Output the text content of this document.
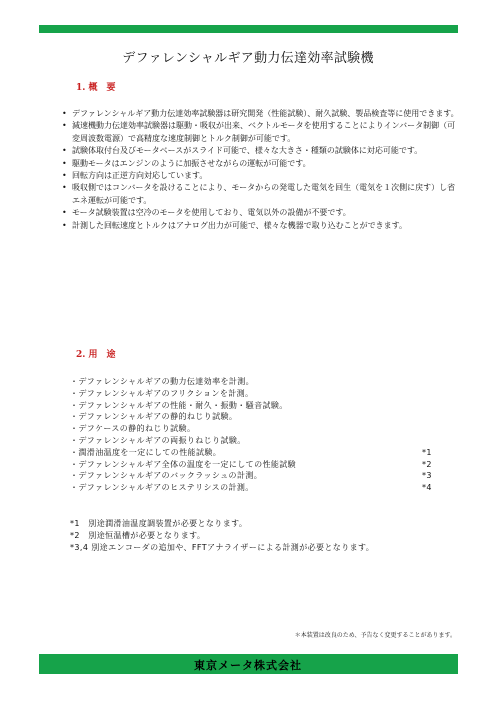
デファレンシャルギア動力伝達効率試験機
1. 概　要
• デファレンシャルギア動力伝達効率試験器は研究開発（性能試験）、耐久試験、製品検査等に使用できます。
• 減速機動力伝達効率試験器は駆動・吸収が出来、ベクトルモータを使用することによりインバータ制御（可変周波数電源）で高精度な速度制御とトルク制御が可能です。
• 試験体取付台及びモータベースがスライド可能で、様々な大きさ・種類の試験体に対応可能です。
• 駆動モータはエンジンのように加振させながらの運転が可能です。
• 回転方向は正逆方向対応しています。
• 吸収側ではコンバータを設けることにより、モータからの発電した電気を回生（電気を１次側に戻す）し省エネ運転が可能です。
• モータ試験装置は空冷のモータを使用しており、電気以外の設備が不要です。
• 計測した回転速度とトルクはアナログ出力が可能で、様々な機器で取り込むことができます。
2. 用　途
・デファレンシャルギアの動力伝達効率を計測。
・デファレンシャルギアのフリクションを計測。
・デファレンシャルギアの性能・耐久・振動・騒音試験。
・デファレンシャルギアの静的ねじり試験。
・デフケースの静的ねじり試験。
・デファレンシャルギアの両振りねじり試験。
・潤滑油温度を一定にしての性能試験。	*1
・デファレンシャルギア全体の温度を一定にしての性能試験	*2
・デファレンシャルギアのバックラッシュの計測。	*3
・デファレンシャルギアのヒステリシスの計測。	*4
*1　別途潤滑油温度調装置が必要となります。
*2　別途恒温槽が必要となります。
*3,4 別途エンコーダの追加や、FFTアナライザーによる計測が必要となります。
＊本装置は改良のため、予告なく変更することがあります。
東京メータ株式会社
